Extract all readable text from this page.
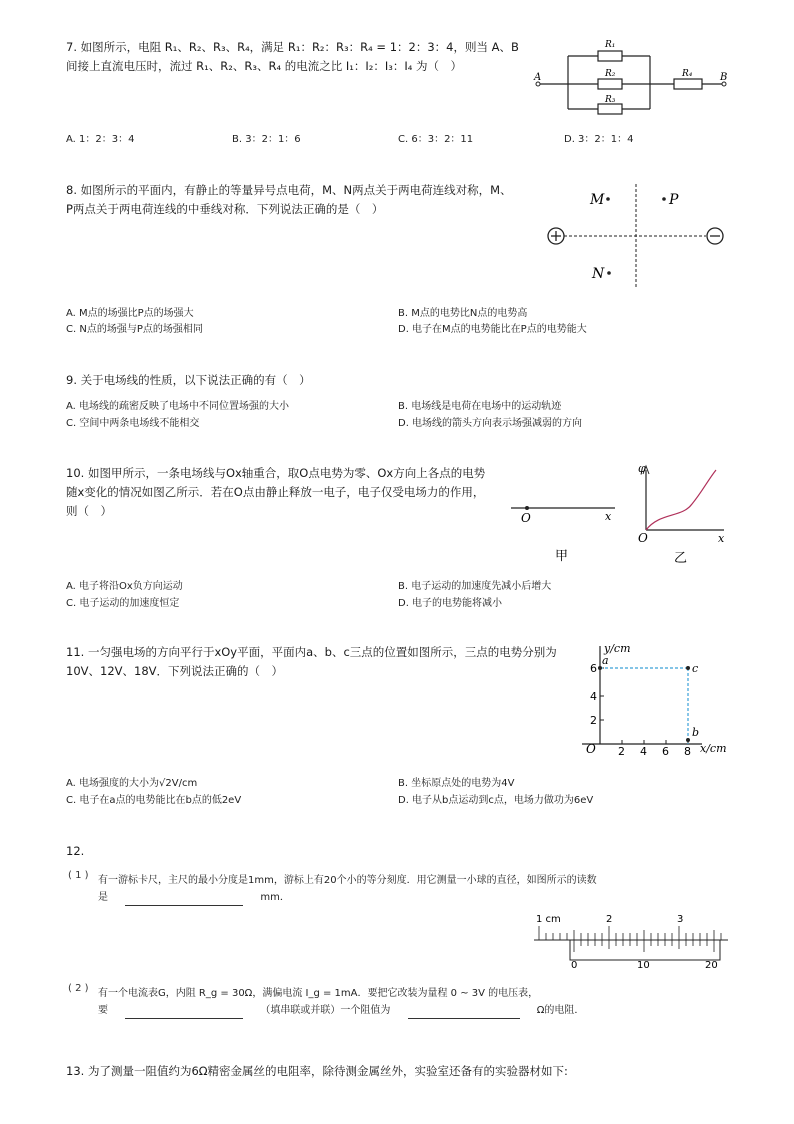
7. 如图所示，电阻 R₁、R₂、R₃、R₄，满足 R₁：R₂：R₃：R₄ = 1：2：3：4，则当 A、B
间接上直流电压时，流过 R₁、R₂、R₃、R₄ 的电流之比 I₁：I₂：I₃：I₄ 为（　）
R₁
R₂
R₃
R₄
A	B
A. 1：2：3：4	B. 3：2：1：6	C. 6：3：2：11	D. 3：2：1：4
8. 如图所示的平面内，有静止的等量异号点电荷，M、N两点关于两电荷连线对称，M、
P两点关于两电荷连线的中垂线对称．下列说法正确的是（　）
M	P
N
A. M点的场强比P点的场强大	B. M点的电势比N点的电势高
C. N点的场强与P点的场强相同	D. 电子在M点的电势能比在P点的电势能大
9. 关于电场线的性质，以下说法正确的有（　）
A. 电场线的疏密反映了电场中不同位置场强的大小	B. 电场线是电荷在电场中的运动轨迹
C. 空间中两条电场线不能相交	D. 电场线的箭头方向表示场强减弱的方向
10. 如图甲所示，一条电场线与Ox轴重合，取O点电势为零、Ox方向上各点的电势
随x变化的情况如图乙所示．若在O点由静止释放一电子，电子仅受电场力的作用，
则（　）	O	x
甲
φ
O	x
乙
A. 电子将沿Ox负方向运动	B. 电子运动的加速度先减小后增大
C. 电子运动的加速度恒定	D. 电子的电势能将减小
11. 一匀强电场的方向平行于xOy平面，平面内a、b、c三点的位置如图所示，三点的电势分别为
10V、12V、18V．下列说法正确的（　）
y/cm
x/cm
O
2
4
6
2 4 6 8
a
b
c
A. 电场强度的大小为√2V/cm	B. 坐标原点处的电势为4V
C. 电子在a点的电势能比在b点的低2eV	D. 电子从b点运动到c点，电场力做功为6eV
12.
( 1 ) 有一游标卡尺，主尺的最小分度是1mm，游标上有20个小的等分刻度．用它测量一小球的直径，如图所示的读数
是	mm．
1 cm	2	3
0	10	20
( 2 ) 有一个电流表G，内阻 R_g = 30Ω，满偏电流 I_g = 1mA．要把它改装为量程 0 ~ 3V 的电压表，
要	（填串联或并联）一个阻值为	Ω的电阻．
13. 为了测量一阻值约为6Ω精密金属丝的电阻率，除待测金属丝外，实验室还备有的实验器材如下:
